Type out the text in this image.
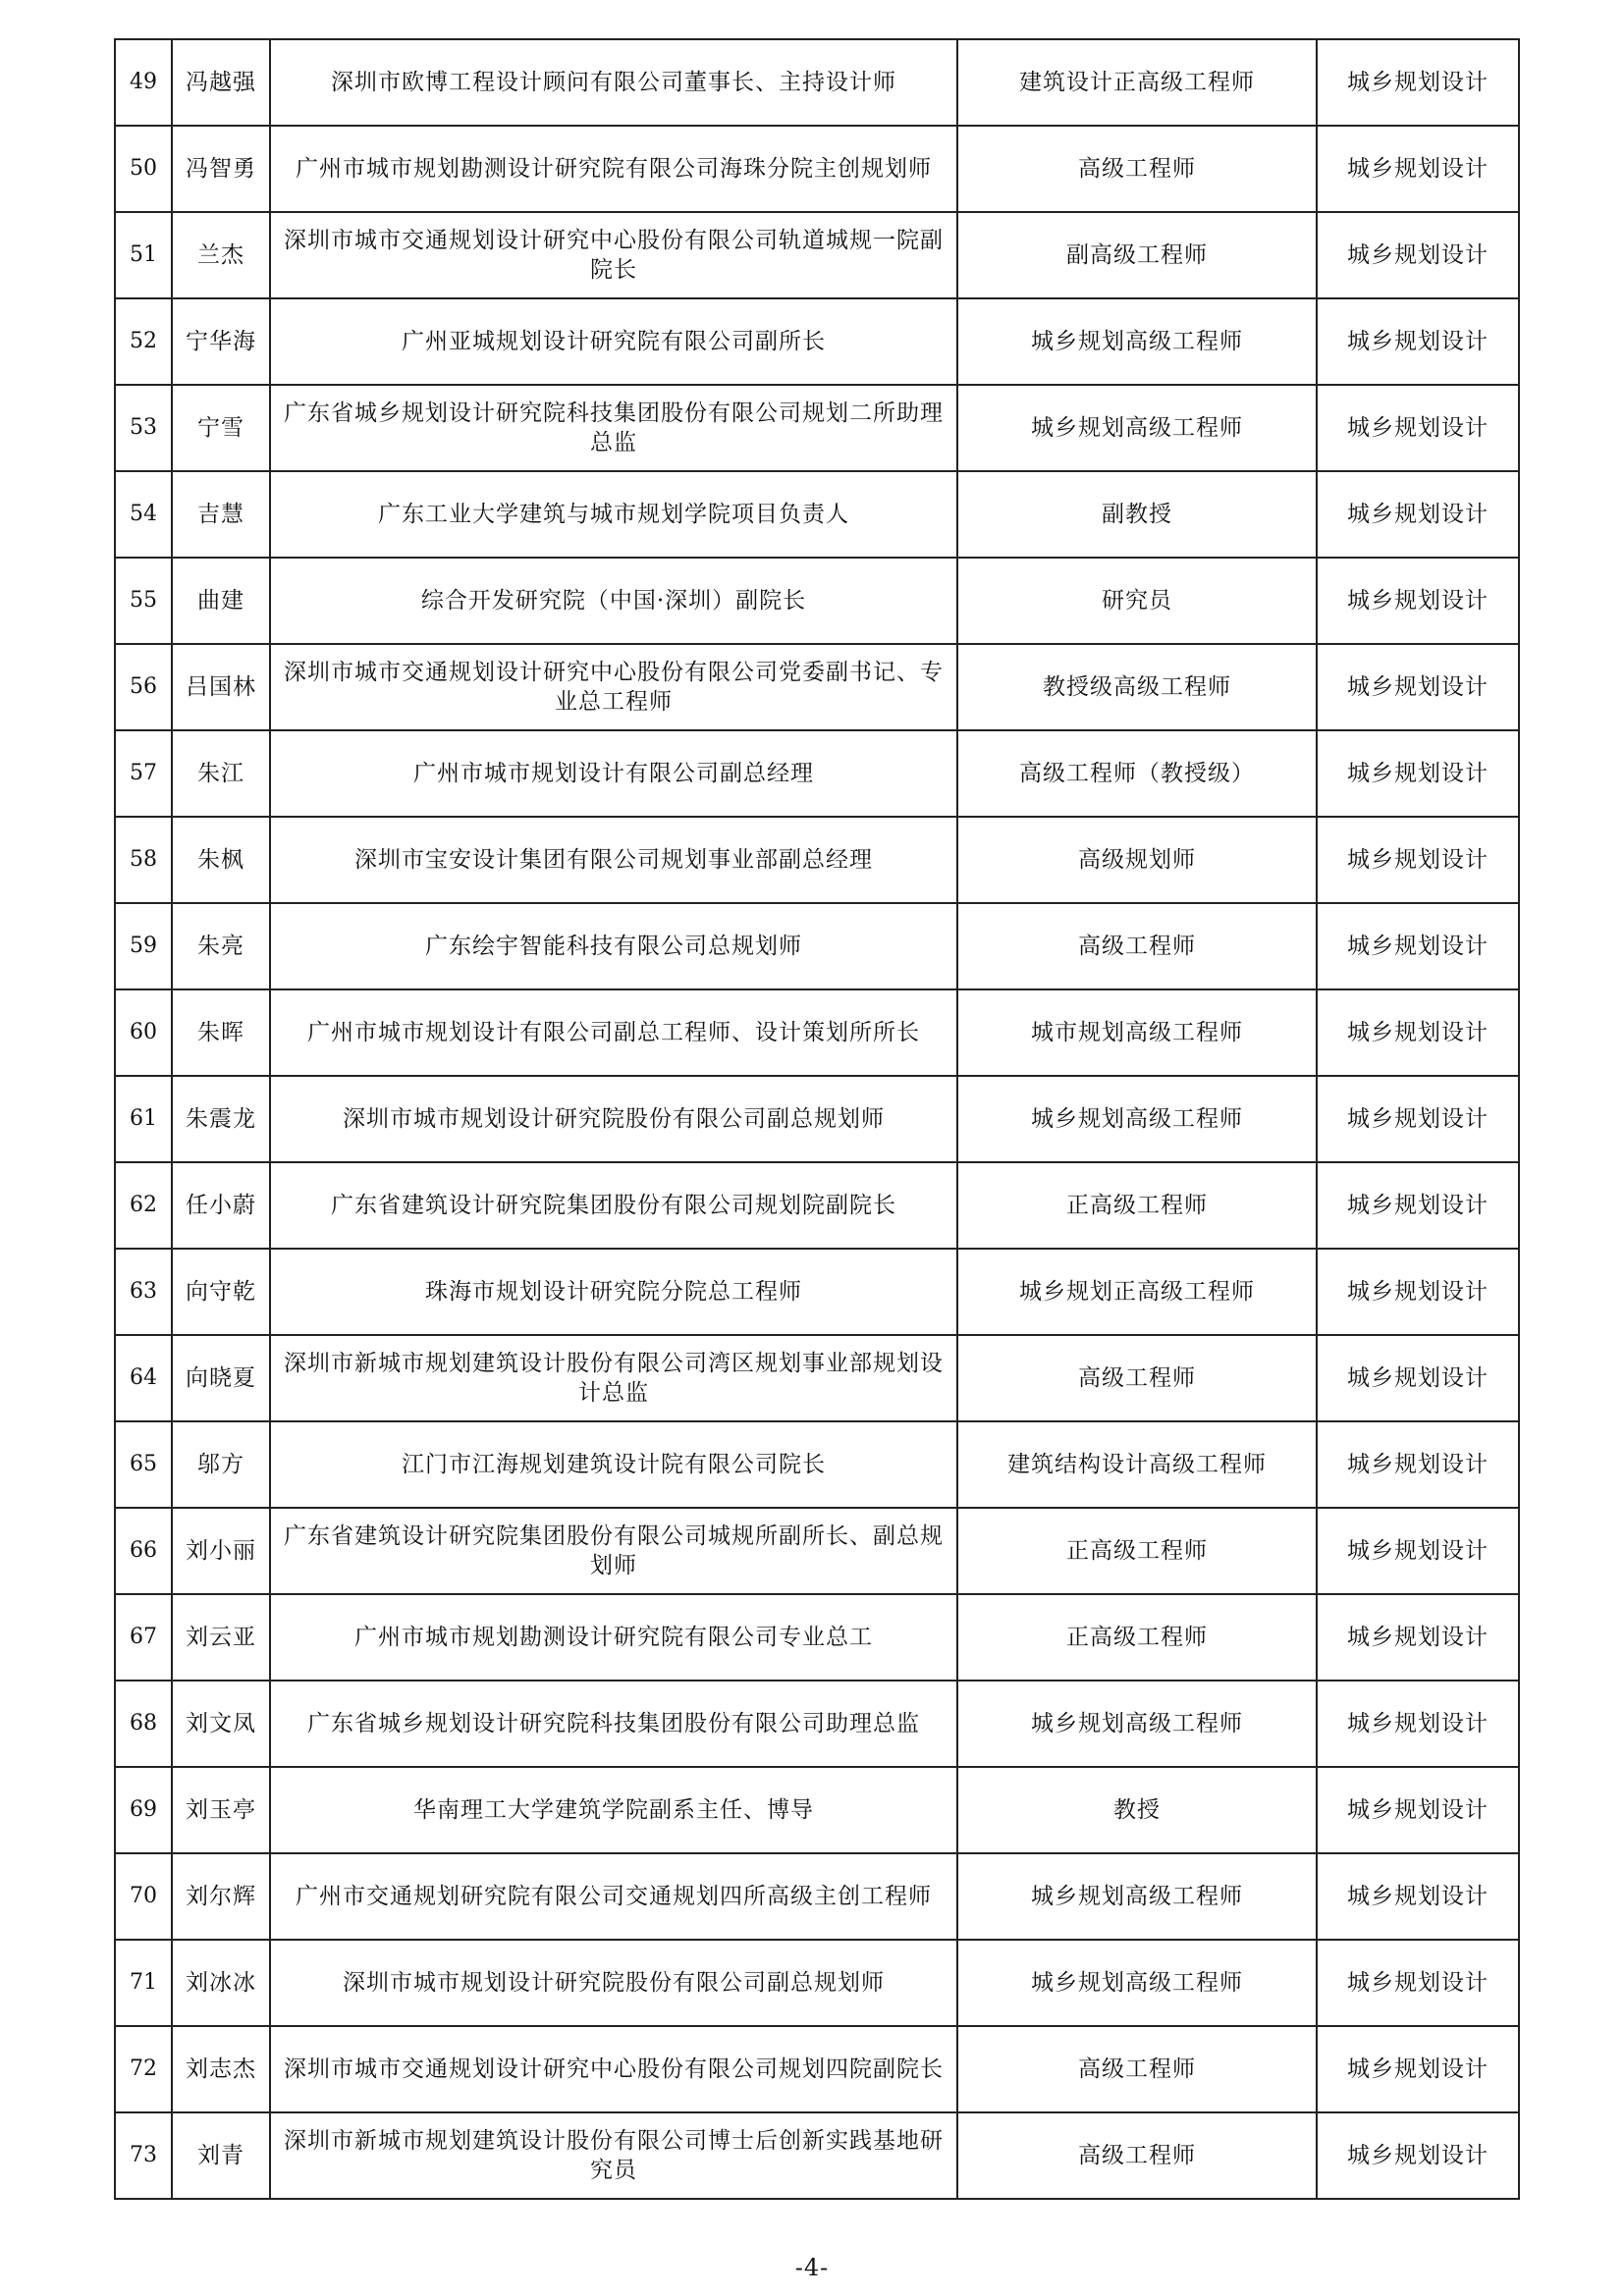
49	冯越强	深圳市欧博工程设计顾问有限公司董事长、主持设计师	建筑设计正高级工程师	城乡规划设计
50	冯智勇	广州市城市规划勘测设计研究院有限公司海珠分院主创规划师	高级工程师	城乡规划设计
51	兰杰	深圳市城市交通规划设计研究中心股份有限公司轨道城规一院副院长	副高级工程师	城乡规划设计
52	宁华海	广州亚城规划设计研究院有限公司副所长	城乡规划高级工程师	城乡规划设计
53	宁雪	广东省城乡规划设计研究院科技集团股份有限公司规划二所助理总监	城乡规划高级工程师	城乡规划设计
54	吉慧	广东工业大学建筑与城市规划学院项目负责人	副教授	城乡规划设计
55	曲建	综合开发研究院（中国·深圳）副院长	研究员	城乡规划设计
56	吕国林	深圳市城市交通规划设计研究中心股份有限公司党委副书记、专业总工程师	教授级高级工程师	城乡规划设计
57	朱江	广州市城市规划设计有限公司副总经理	高级工程师（教授级）	城乡规划设计
58	朱枫	深圳市宝安设计集团有限公司规划事业部副总经理	高级规划师	城乡规划设计
59	朱亮	广东绘宇智能科技有限公司总规划师	高级工程师	城乡规划设计
60	朱晖	广州市城市规划设计有限公司副总工程师、设计策划所所长	城市规划高级工程师	城乡规划设计
61	朱震龙	深圳市城市规划设计研究院股份有限公司副总规划师	城乡规划高级工程师	城乡规划设计
62	任小蔚	广东省建筑设计研究院集团股份有限公司规划院副院长	正高级工程师	城乡规划设计
63	向守乾	珠海市规划设计研究院分院总工程师	城乡规划正高级工程师	城乡规划设计
64	向晓夏	深圳市新城市规划建筑设计股份有限公司湾区规划事业部规划设计总监	高级工程师	城乡规划设计
65	邬方	江门市江海规划建筑设计院有限公司院长	建筑结构设计高级工程师	城乡规划设计
66	刘小丽	广东省建筑设计研究院集团股份有限公司城规所副所长、副总规划师	正高级工程师	城乡规划设计
67	刘云亚	广州市城市规划勘测设计研究院有限公司专业总工	正高级工程师	城乡规划设计
68	刘文凤	广东省城乡规划设计研究院科技集团股份有限公司助理总监	城乡规划高级工程师	城乡规划设计
69	刘玉亭	华南理工大学建筑学院副系主任、博导	教授	城乡规划设计
70	刘尔辉	广州市交通规划研究院有限公司交通规划四所高级主创工程师	城乡规划高级工程师	城乡规划设计
71	刘冰冰	深圳市城市规划设计研究院股份有限公司副总规划师	城乡规划高级工程师	城乡规划设计
72	刘志杰	深圳市城市交通规划设计研究中心股份有限公司规划四院副院长	高级工程师	城乡规划设计
73	刘青	深圳市新城市规划建筑设计股份有限公司博士后创新实践基地研究员	高级工程师	城乡规划设计
-4-
